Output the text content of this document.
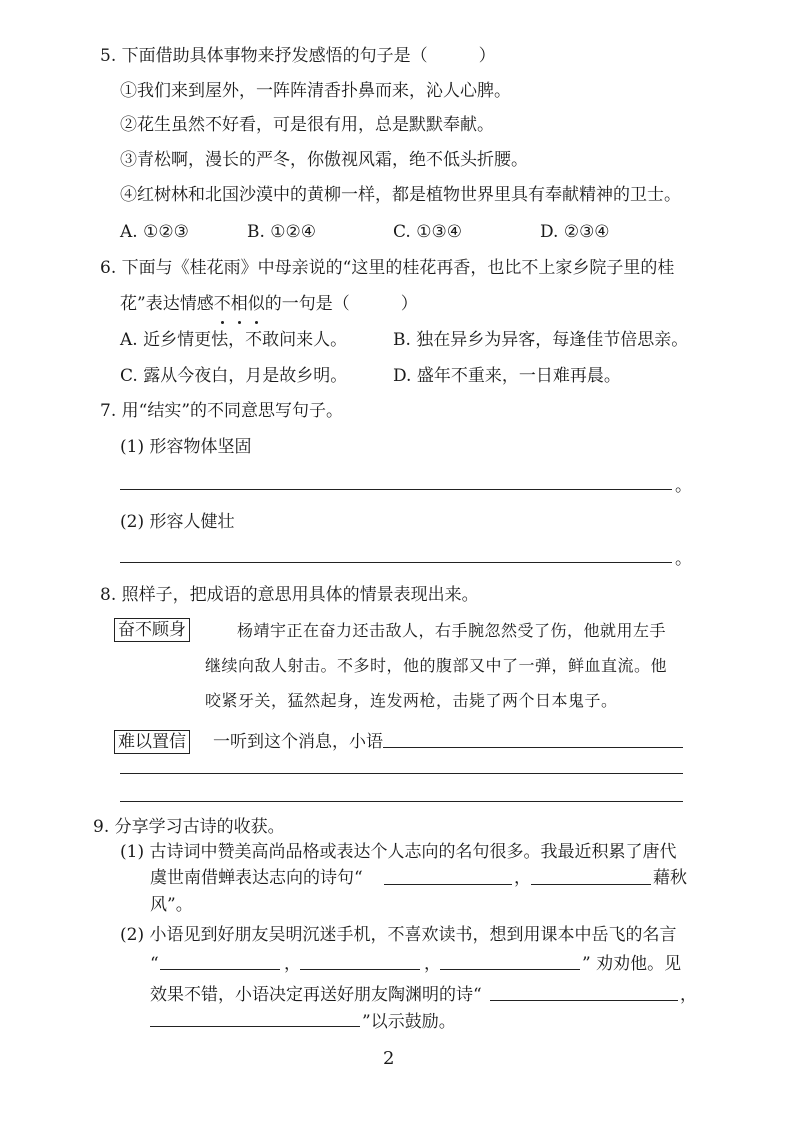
5. 下面借助具体事物来抒发感悟的句子是（　　　）
①我们来到屋外，一阵阵清香扑鼻而来，沁人心脾。
②花生虽然不好看，可是很有用，总是默默奉献。
③青松啊，漫长的严冬，你傲视风霜，绝不低头折腰。
④红树林和北国沙漠中的黄柳一样，都是植物世界里具有奉献精神的卫士。
A. ①②③	B. ①②④	C. ①③④	D. ②③④
6. 下面与《桂花雨》中母亲说的“这里的桂花再香，也比不上家乡院子里的桂
花”表达情感不相似的一句是（　　　）
A. 近乡情更怯，不敢问来人。	B. 独在异乡为异客，每逢佳节倍思亲。
C. 露从今夜白，月是故乡明。	D. 盛年不重来，一日难再晨。
7. 用“结实”的不同意思写句子。
(1) 形容物体坚固
。
(2) 形容人健壮
。
8. 照样子，把成语的意思用具体的情景表现出来。
奋不顾身	杨靖宇正在奋力还击敌人，右手腕忽然受了伤，他就用左手
继续向敌人射击。不多时，他的腹部又中了一弹，鲜血直流。他
咬紧牙关，猛然起身，连发两枪，击毙了两个日本鬼子。
难以置信 一听到这个消息，小语
9. 分享学习古诗的收获。
(1) 古诗词中赞美高尚品格或表达个人志向的名句很多。我最近积累了唐代
虞世南借蝉表达志向的诗句“	，	藉秋
风”。
(2) 小语见到好朋友吴明沉迷手机，不喜欢读书，想到用课本中岳飞的名言
“	，	，	” 劝劝他。见
效果不错，小语决定再送好朋友陶渊明的诗“	，
”以示鼓励。
2
